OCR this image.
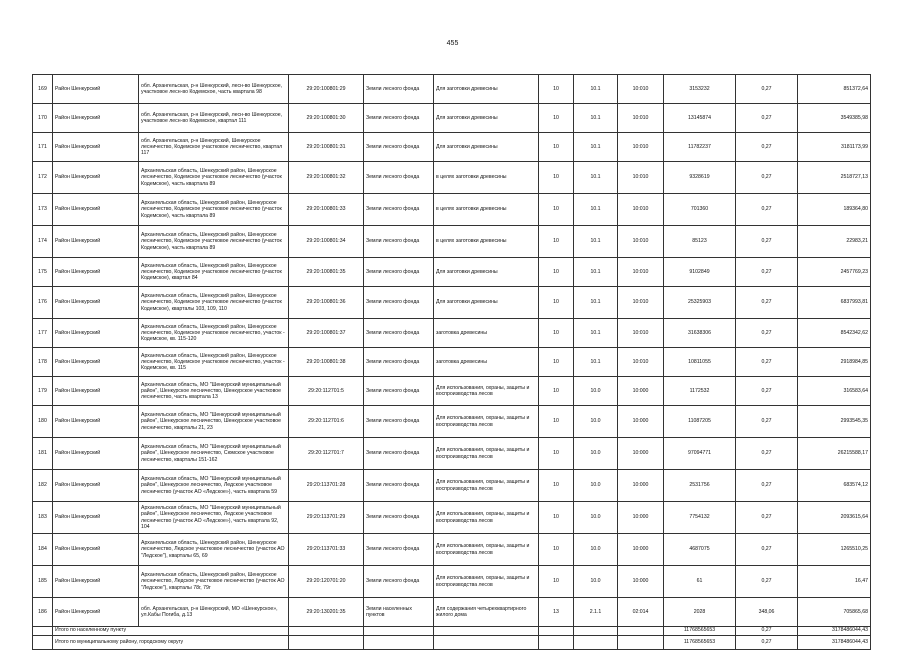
455
169	Район Шенкурский	обл. Архангельская, р-н Шенкурский, лесн-во Шенкурское, участковое лесн-во Кодемское, часть квартала 98	29:20:100801:29	Земли лесного фонда	Для заготовки древесины	10	10.1	10:010	3153232	0,27	851372,64
170	Район Шенкурский	обл. Архангельская, р-н Шенкурский, лесн-во Шенкурское, участковое лесн-во Кодемское, квартал 111	29:20:100801:30	Земли лесного фонда	Для заготовки древесины	10	10.1	10:010	13145874	0,27	3549385,98
171	Район Шенкурский	обл. Архангельская, р-н Шенкурский, Шенкурское лесничество, Кодемское участковое лесничество, квартал 117	29:20:100801:31	Земли лесного фонда	Для заготовки древесины	10	10.1	10:010	11782237	0,27	3181173,99
172	Район Шенкурский	Архангельская область, Шенкурский район, Шенкурское лесничество, Кодемское участковое лесничество (участок Кодемское), часть квартала 89	29:20:100801:32	Земли лесного фонда	в целях заготовки древесины	10	10.1	10:010	9328619	0,27	2518727,13
173	Район Шенкурский	Архангельская область, Шенкурский район, Шенкурское лесничество, Кодемское участковое лесничество (участок Кодемское), часть квартала 89	29:20:100801:33	Земли лесного фонда	в целях заготовки древесины	10	10.1	10:010	701360	0,27	189364,80
174	Район Шенкурский	Архангельская область, Шенкурский район, Шенкурское лесничество, Кодемское участковое лесничество (участок Кодемское), часть квартала 89	29:20:100801:34	Земли лесного фонда	в целях заготовки древесины	10	10.1	10:010	85123	0,27	22983,21
175	Район Шенкурский	Архангельская область, Шенкурский район, Шенкурское лесничество, Кодемское участковое лесничество (участок Кодемское), квартал 84	29:20:100801:35	Земли лесного фонда	Для заготовки древесины	10	10.1	10:010	9102849	0,27	2457769,23
176	Район Шенкурский	Архангельская область, Шенкурский район, Шенкурское лесничество, Кодемское участковое лесничество (участок Кодемское), кварталы 103, 109, 110	29:20:100801:36	Земли лесного фонда	Для заготовки древесины	10	10.1	10:010	25325903	0,27	6837993,81
177	Район Шенкурский	Архангельская область, Шенкурский район, Шенкурское лесничество, Кодемское участковое лесничество, участок - Кодемское, кв. 115-120	29:20:100801:37	Земли лесного фонда	заготовка древесины	10	10.1	10:010	31638306	0,27	8542342,62
178	Район Шенкурский	Архангельская область, Шенкурский район, Шенкурское лесничество, Кодемское участковое лесничество, участок - Кодемское, кв. 115	29:20:100801:38	Земли лесного фонда	заготовка древесины	10	10.1	10:010	10811055	0,27	2918984,85
179	Район Шенкурский	Архангельская область, МО "Шенкурский муниципальный район", Шенкурское лесничество, Шенкурское участковое лесничество, часть квартала 13	29:20:112701:5	Земли лесного фонда	Для использования, охраны, защиты и воспроизводства лесов	10	10.0	10:000	1172532	0,27	316583,64
180	Район Шенкурский	Архангельская область, МО "Шенкурский муниципальный район", Шенкурское лесничество, Шенкурское участковое лесничество, кварталы 21, 23	29:20:112701:6	Земли лесного фонда	Для использования, охраны, защиты и воспроизводства лесов	10	10.0	10:000	11087205	0,27	2993545,35
181	Район Шенкурский	Архангельская область, МО "Шенкурский муниципальный район", Шенкурское лесничество, Сюмское участковое лесничество, кварталы 151-162	29:20:112701:7	Земли лесного фонда	Для использования, охраны, защиты и воспроизводства лесов	10	10.0	10:000	97094771	0,27	26215588,17
182	Район Шенкурский	Архангельская область, МО "Шенкурский муниципальный район", Шенкурское лесничество, Ледское участковое лесничество (участок АО «Ледское»), часть квартала 59	29:20:113701:28	Земли лесного фонда	Для использования, охраны, защиты и воспроизводства лесов	10	10.0	10:000	2531756	0,27	683574,12
183	Район Шенкурский	Архангельская область, МО "Шенкурский муниципальный район", Шенкурское лесничество, Ледское участковое лесничество (участок АО «Ледское»), часть квартала 92, 104	29:20:113701:29	Земли лесного фонда	Для использования, охраны, защиты и воспроизводства лесов	10	10.0	10:000	7754132	0,27	2093615,64
184	Район Шенкурский	Архангельская область, Шенкурский район, Шенкурское лесничество, Ледское участковое лесничество (участок АО "Ледское"), кварталы 65, 69	29:20:113701:33	Земли лесного фонда	Для использования, охраны, защиты и воспроизводства лесов	10	10.0	10:000	4687075	0,27	1265510,25
185	Район Шенкурский	Архангельская область, Шенкурский район, Шенкурское лесничество, Ледское участковое лесничество (участок АО "Ледское"), кварталы 78г, 79г	29:20:120701:20	Земли лесного фонда	Для использования, охраны, защиты и воспроизводства лесов	10	10.0	10:000	61	0,27	16,47
186	Район Шенкурский	обл. Архангельская, р-н Шенкурский, МО «Шенкурское», ул.Кабы Погиба, д.13	29:20:130201:35	Земли населенных пунктов	Для содержания четырехквартирного жилого дома	13	2.1.1	02:014	2028	348,06	705865,68
	Итого по населенному пункту								11768565653	0,27	3178486044,43
	Итого по муниципальному району, городскому округу								11768565653	0,27	3178486044,43
